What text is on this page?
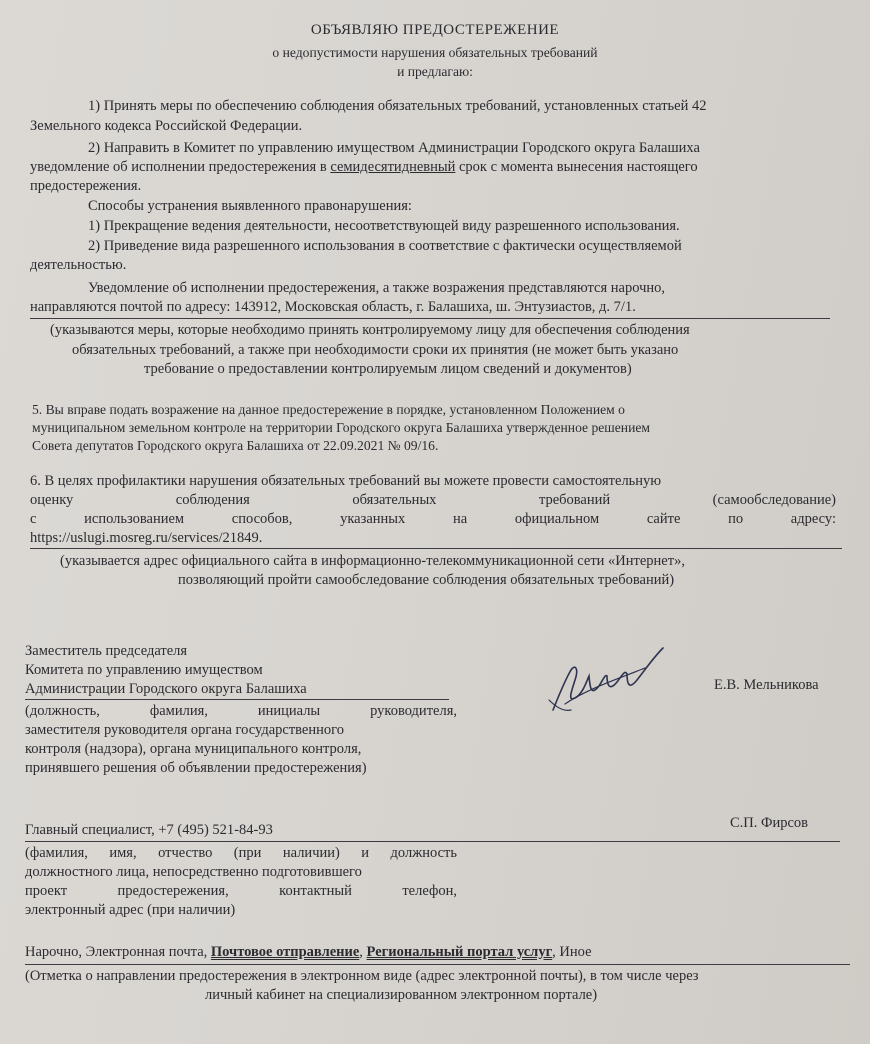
ОБЪЯВЛЯЮ ПРЕДОСТЕРЕЖЕНИЕ
о недопустимости нарушения обязательных требований
и предлагаю:
1) Принять меры по обеспечению соблюдения обязательных требований, установленных статьей 42
Земельного кодекса Российской Федерации.
2) Направить в Комитет по управлению имуществом Администрации Городского округа Балашиха
уведомление об исполнении предостережения в семидесятидневный срок с момента вынесения настоящего
предостережения.
Способы устранения выявленного правонарушения:
1) Прекращение ведения деятельности, несоответствующей виду разрешенного использования.
2) Приведение вида разрешенного использования в соответствие с фактически осуществляемой
деятельностью.
Уведомление об исполнении предостережения, а также возражения представляются нарочно,
направляются почтой по адресу: 143912, Московская область, г. Балашиха, ш. Энтузиастов, д. 7/1.
(указываются меры, которые необходимо принять контролируемому лицу для обеспечения соблюдения
обязательных требований, а также при необходимости сроки их принятия (не может быть указано
требование о предоставлении контролируемым лицом сведений и документов)
5. Вы вправе подать возражение на данное предостережение в порядке, установленном Положением о
муниципальном земельном контроле на территории Городского округа Балашиха утвержденное решением
Совета депутатов Городского округа Балашиха от 22.09.2021 № 09/16.
6. В целях профилактики нарушения обязательных требований вы можете провести самостоятельную
оценку соблюдения обязательных требований (самообследование)
с использованием способов, указанных на официальном сайте по адресу:
https://uslugi.mosreg.ru/services/21849.
(указывается адрес официального сайта в информационно-телекоммуникационной сети «Интернет»,
позволяющий пройти самообследование соблюдения обязательных требований)
Заместитель председателя
Комитета по управлению имуществом
Администрации Городского округа Балашиха	Е.В. Мельникова
(должность, фамилия, инициалы руководителя,
заместителя руководителя органа государственного
контроля (надзора), органа муниципального контроля,
принявшего решения об объявлении предостережения)
Главный специалист, +7 (495) 521-84-93	С.П. Фирсов
(фамилия, имя, отчество (при наличии) и должность
должностного лица, непосредственно подготовившего
проект предостережения, контактный телефон,
электронный адрес (при наличии)
Нарочно, Электронная почта, Почтовое отправление, Региональный портал услуг, Иное
(Отметка о направлении предостережения в электронном виде (адрес электронной почты), в том числе через
личный кабинет на специализированном электронном портале)
